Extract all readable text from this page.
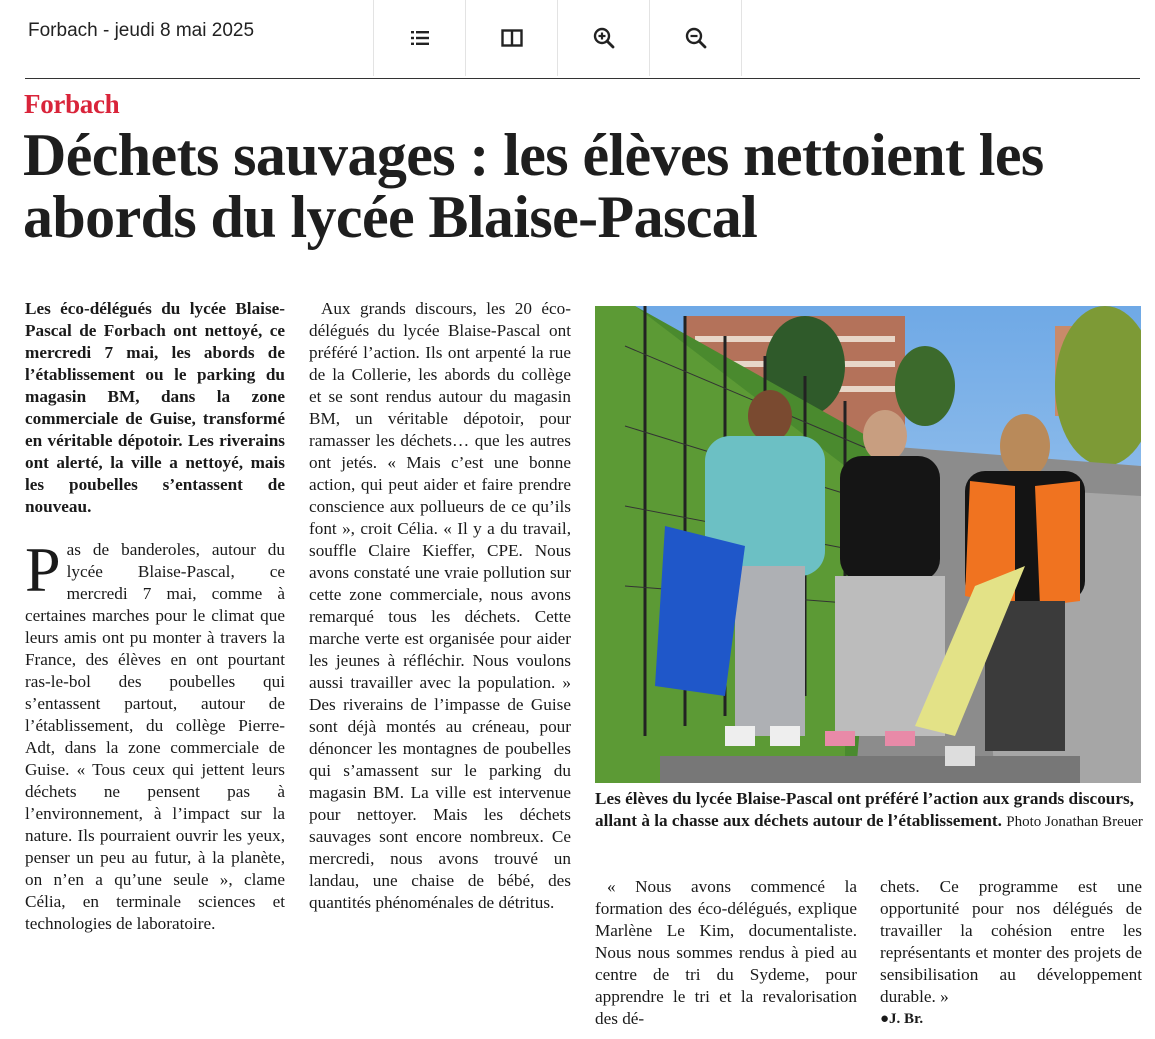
Forbach - jeudi 8 mai 2025
Forbach
Déchets sauvages : les élèves nettoient les abords du lycée Blaise-Pascal

Les éco-délégués du lycée Blaise-Pascal de Forbach ont nettoyé, ce mercredi 7 mai, les abords de l’établissement ou le parking du magasin BM, dans la zone commerciale de Guise, transformé en véritable dépotoir. Les riverains ont alerté, la ville a nettoyé, mais les poubelles s’entassent de nouveau.

Pas de banderoles, autour du lycée Blaise-Pascal, ce mercredi 7 mai, comme à certaines marches pour le climat que leurs amis ont pu monter à travers la France, des élèves en ont pourtant ras-le-bol des poubelles qui s’entassent partout, autour de l’établissement, du collège Pierre-Adt, dans la zone commerciale de Guise. « Tous ceux qui jettent leurs déchets ne pensent pas à l’environnement, à l’impact sur la nature. Ils pourraient ouvrir les yeux, penser un peu au futur, à la planète, on n’en a qu’une seule », clame Célia, en terminale sciences et technologies de laboratoire.

Aux grands discours, les 20 éco-délégués du lycée Blaise-Pascal ont préféré l’action. Ils ont arpenté la rue de la Collerie, les abords du collège et se sont rendus autour du magasin BM, un véritable dépotoir, pour ramasser les déchets… que les autres ont jetés. « Mais c’est une bonne action, qui peut aider et faire prendre conscience aux pollueurs de ce qu’ils font », croit Célia. « Il y a du travail, souffle Claire Kieffer, CPE. Nous avons constaté une vraie pollution sur cette zone commerciale, nous avons remarqué tous les déchets. Cette marche verte est organisée pour aider les jeunes à réfléchir. Nous voulons aussi travailler avec la population. » Des riverains de l’impasse de Guise sont déjà montés au créneau, pour dénoncer les montagnes de poubelles qui s’amassent sur le parking du magasin BM. La ville est intervenue pour nettoyer. Mais les déchets sauvages sont encore nombreux. Ce mercredi, nous avons trouvé un landau, une chaise de bébé, des quantités phénoménales de détritus.

Les élèves du lycée Blaise-Pascal ont préféré l’action aux grands discours, allant à la chasse aux déchets autour de l’établissement. Photo Jonathan Breuer

« Nous avons commencé la formation des éco-délégués, explique Marlène Le Kim, documentaliste. Nous nous sommes rendus à pied au centre de tri du Sydeme, pour apprendre le tri et la revalorisation des dé-

chets. Ce programme est une opportunité pour nos délégués de travailler la cohésion entre les représentants et monter des projets de sensibilisation au développement durable. »

●J. Br.
